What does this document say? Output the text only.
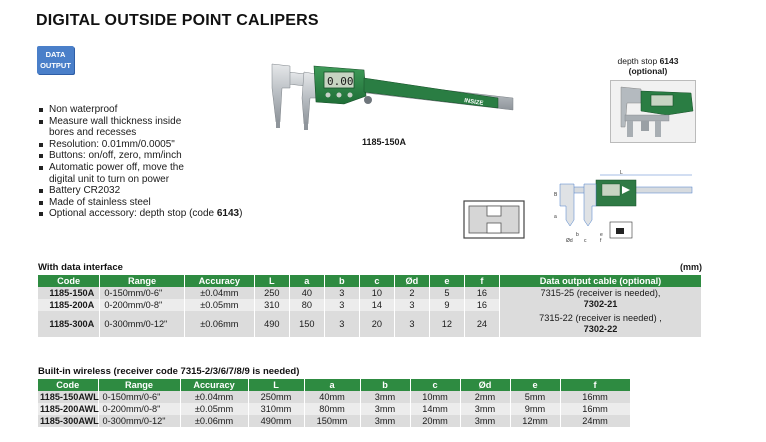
DIGITAL OUTSIDE POINT CALIPERS
DATA
OUTPUT
Non waterproof
Measure wall thickness inside
bores and recesses
Resolution: 0.01mm/0.0005"
Buttons: on/off, zero, mm/inch
Automatic power off, move the
digital unit to turn on power
Battery CR2032
Made of stainless steel
Optional accessory: depth stop (code 6143)
INSIZE
0.00
1185-150A
depth stop 6143
(optional)
L
B
a
b
c
Ød
e
f
With data interface	(mm)
Code	Range	Accuracy	L	a	b	c	Ød	e	f	Data output cable (optional)
1185-150A	0-150mm/0-6"	±0.04mm	250	40	3	10	2	5	16	7315-25 (receiver is needed),
7302-21
1185-200A	0-200mm/0-8"	±0.05mm	310	80	3	14	3	9	16	
1185-300A	0-300mm/0-12"	±0.06mm	490	150	3	20	3	12	24	7315-22 (receiver is needed) ,
7302-22
Built-in wireless (receiver code 7315-2/3/6/7/8/9 is needed)
Code	Range	Accuracy	L	a	b	c	Ød	e	f
1185-150AWL	0-150mm/0-6"	±0.04mm	250mm	40mm	3mm	10mm	2mm	5mm	16mm
1185-200AWL	0-200mm/0-8"	±0.05mm	310mm	80mm	3mm	14mm	3mm	9mm	16mm
1185-300AWL	0-300mm/0-12"	±0.06mm	490mm	150mm	3mm	20mm	3mm	12mm	24mm
